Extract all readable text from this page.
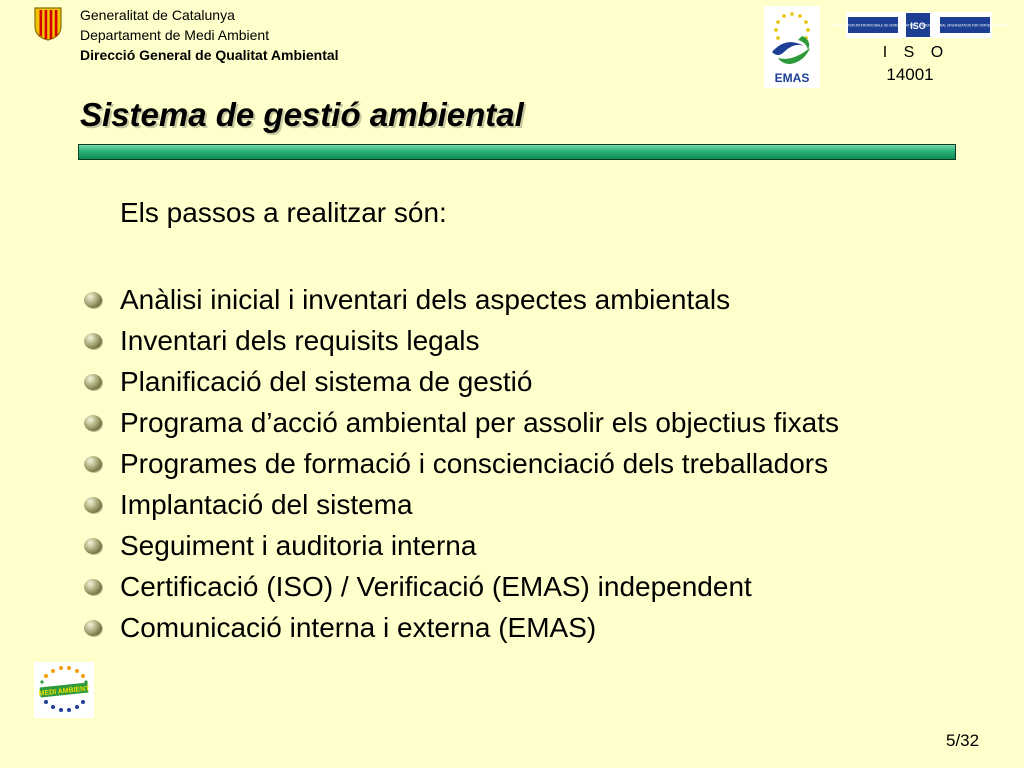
Generalitat de Catalunya
Departament de Medi Ambient
Direcció General de Qualitat Ambiental
EMAS
ISO
ORGANISATION INTERNATIONALE DE NORMALISATION INTERNATIONAL ORGANIZATION FOR STANDARDIZATION
I S O
14001
Sistema de gestió ambiental
Els passos a realitzar són:
Anàlisi inicial i inventari dels aspectes ambientals
Inventari dels requisits legals
Planificació del sistema de gestió
Programa d’acció ambiental per assolir els objectius fixats
Programes de formació i conscienciació dels treballadors
Implantació del sistema
Seguiment i auditoria interna
Certificació (ISO) / Verificació (EMAS) independent
Comunicació interna i externa (EMAS)
MEDI AMBIENT
5/32
